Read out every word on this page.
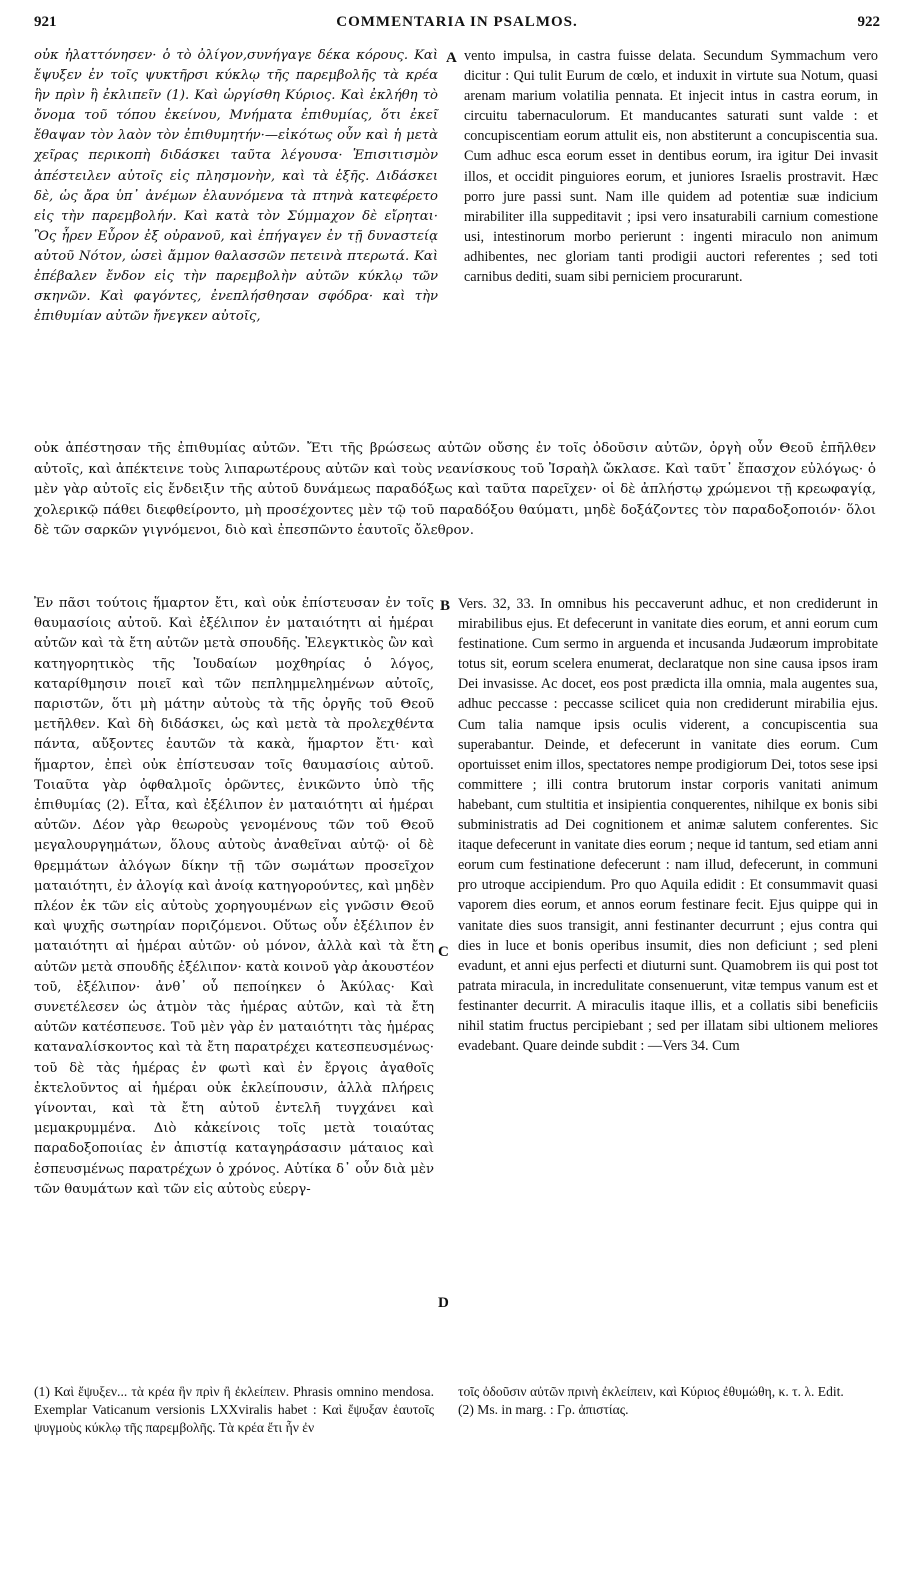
921	COMMENTARIA IN PSALMOS.	922

οὐκ ἠλαττόνησεν· ὁ τὸ ὀλίγον,συνήγαγε δέκα κόρους. Καὶ ἔψυξεν ἐν τοῖς ψυκτῆρσι κύκλῳ τῆς παρεμβολῆς τὰ κρέα ἣν πρὶν ἢ ἐκλιπεῖν (1). Καὶ ὡργίσθη Κύριος. Καὶ ἐκλήθη τὸ ὄνομα τοῦ τόπου ἐκείνου, Μνήματα ἐπιθυμίας, ὅτι ἐκεῖ ἔθαψαν τὸν λαὸν τὸν ἐπιθυμητήν·—εἰκότως οὖν καὶ ἡ μετὰ χεῖρας περικοπὴ διδάσκει ταῦτα λέγουσα· Ἐπισιτισμὸν ἀπέστειλεν αὐτοῖς εἰς πλησμονὴν, καὶ τὰ ἑξῆς. Διδάσκει δὲ, ὡς ἄρα ὑπ᾽ ἀνέμων ἐλαυνόμενα τὰ πτηνὰ κατεφέρετο εἰς τὴν παρεμβολήν. Καὶ κατὰ τὸν Σύμμαχον δὲ εἴρηται· Ὃς ἦρεν Εὖρον ἐξ οὐρανοῦ, καὶ ἐπήγαγεν ἐν τῇ δυναστείᾳ αὐτοῦ Νότον, ὡσεὶ ἄμμον θαλασσῶν πετεινὰ πτερωτά. Καὶ ἐπέβαλεν ἔνδον εἰς τὴν παρεμβολὴν αὐτῶν κύκλῳ τῶν σκηνῶν. Καὶ φαγόντες, ἐνεπλήσθησαν σφόδρα· καὶ τὴν ἐπιθυμίαν αὐτῶν ἤνεγκεν αὐτοῖς,

A vento impulsa, in castra fuisse delata. Secundum Symmachum vero dicitur : Qui tulit Eurum de cœlo, et induxit in virtute sua Notum, quasi arenam marium volatilia pennata. Et injecit intus in castra eorum, in circuitu tabernaculorum. Et manducantes saturati sunt valde : et concupiscentiam eorum attulit eis, non abstiterunt a concupiscentia sua. Cum adhuc esca eorum esset in dentibus eorum, ira igitur Dei invasit illos, et occidit pinguiores eorum, et juniores Israelis prostravit. Hæc porro jure passi sunt. Nam ille quidem ad potentiæ suæ indicium mirabiliter illa suppeditavit ; ipsi vero insaturabili carnium comestione usi, intestinorum morbo perierunt : ingenti miraculo non animum adhibentes, nec gloriam tanti prodigii auctori referentes ; sed toti carnibus dediti, suam sibi perniciem procurarunt.

οὐκ ἀπέστησαν τῆς ἐπιθυμίας αὐτῶν. Ἔτι τῆς βρώσεως αὐτῶν οὔσης ἐν τοῖς ὀδοῦσιν αὐτῶν, ὀργὴ οὖν Θεοῦ ἐπῆλθεν αὐτοῖς, καὶ ἀπέκτεινε τοὺς λιπαρωτέρους αὐτῶν καὶ τοὺς νεανίσκους τοῦ Ἰσραὴλ ὤκλασε. Καὶ ταῦτ᾽ ἔπασχον εὐλόγως· ὁ μὲν γὰρ αὐτοῖς εἰς ἔνδειξιν τῆς αὐτοῦ δυνάμεως παραδόξως καὶ ταῦτα παρεῖχεν· οἱ δὲ ἀπλήστῳ χρώμενοι τῇ κρεωφαγίᾳ, χολερικῷ πάθει διεφθείροντο, μὴ προσέχοντες μὲν τῷ τοῦ παραδόξου θαύματι, μηδὲ δοξάζοντες τὸν παραδοξοποιόν· ὅλοι δὲ τῶν σαρκῶν γιγνόμενοι, διὸ καὶ ἐπεσπῶντο ἑαυτοῖς ὄλεθρον.

Ἐν πᾶσι τούτοις ἥμαρτον ἔτι, καὶ οὐκ ἐπίστευσαν ἐν τοῖς θαυμασίοις αὐτοῦ. Καὶ ἐξέλιπον ἐν ματαιότητι αἱ ἡμέραι αὐτῶν καὶ τὰ ἔτη αὐτῶν μετὰ σπουδῆς. Ἐλεγκτικὸς ὢν καὶ κατηγορητικὸς τῆς Ἰουδαίων μοχθηρίας ὁ λόγος, καταρίθμησιν ποιεῖ καὶ τῶν πεπλημμελημένων αὐτοῖς, παριστῶν, ὅτι μὴ μάτην αὐτοὺς τὰ τῆς ὀργῆς τοῦ Θεοῦ μετῆλθεν. Καὶ δὴ διδάσκει, ὡς καὶ μετὰ τὰ προλεχθέντα πάντα, αὔξοντες ἑαυτῶν τὰ κακὰ, ἥμαρτον ἔτι· καὶ ἥμαρτον, ἐπεὶ οὐκ ἐπίστευσαν τοῖς θαυμασίοις αὐτοῦ. Τοιαῦτα γὰρ ὀφθαλμοῖς ὁρῶντες, ἐνικῶντο ὑπὸ τῆς ἐπιθυμίας (2). Εἶτα, καὶ ἐξέλιπον ἐν ματαιότητι αἱ ἡμέραι αὐτῶν. Δέον γὰρ θεωροὺς γενομένους τῶν τοῦ Θεοῦ μεγαλουργημάτων, ὅλους αὐτοὺς ἀναθεῖναι αὐτῷ· οἱ δὲ θρεμμάτων ἀλόγων δίκην τῇ τῶν σωμάτων προσεῖχον ματαιότητι, ἐν ἀλογίᾳ καὶ ἀνοίᾳ κατηγορούντες, καὶ μηδὲν πλέον ἐκ τῶν εἰς αὐτοὺς χορηγουμένων εἰς γνῶσιν Θεοῦ καὶ ψυχῆς σωτηρίαν ποριζόμενοι. Οὕτως οὖν ἐξέλιπον ἐν ματαιότητι αἱ ἡμέραι αὐτῶν· οὐ μόνον, ἀλλὰ καὶ τὰ ἔτη αὐτῶν μετὰ σπουδῆς ἐξέλιπον· κατὰ κοινοῦ γὰρ ἀκουστέον τοῦ, ἐξέλιπον· ἀνθ᾽ οὗ πεποίηκεν ὁ Ἀκύλας· Καὶ συνετέλεσεν ὡς ἀτμὸν τὰς ἡμέρας αὐτῶν, καὶ τὰ ἔτη αὐτῶν κατέσπευσε. Τοῦ μὲν γὰρ ἐν ματαιότητι τὰς ἡμέρας καταναλίσκοντος καὶ τὰ ἔτη παρατρέχει κατεσπευσμένως· τοῦ δὲ τὰς ἡμέρας ἐν φωτὶ καὶ ἐν ἔργοις ἀγαθοῖς ἐκτελοῦντος αἱ ἡμέραι οὐκ ἐκλείπουσιν, ἀλλὰ πλήρεις γίνονται, καὶ τὰ ἔτη αὐτοῦ ἐντελῆ τυγχάνει καὶ μεμακρυμμένα. Διὸ κἀκείνοις τοῖς μετὰ τοιαύτας παραδοξοποιίας ἐν ἀπιστίᾳ καταγηράσασιν μάταιος καὶ ἐσπευσμένως παρατρέχων ὁ χρόνος. Αὐτίκα δ᾽ οὖν διὰ μὲν τῶν θαυμάτων καὶ τῶν εἰς αὐτοὺς εὐεργ-

B
C
D

Vers. 32, 33. In omnibus his peccaverunt adhuc, et non crediderunt in mirabilibus ejus. Et defecerunt in vanitate dies eorum, et anni eorum cum festinatione. Cum sermo in arguenda et incusanda Judæorum improbitate totus sit, eorum scelera enumerat, declaratque non sine causa ipsos iram Dei invasisse. Ac docet, eos post prædicta illa omnia, mala augentes sua, adhuc peccasse : peccasse scilicet quia non crediderunt mirabilia ejus. Cum talia namque ipsis oculis viderent, a concupiscentia sua superabantur. Deinde, et defecerunt in vanitate dies eorum. Cum oportuisset enim illos, spectatores nempe prodigiorum Dei, totos sese ipsi committere ; illi contra brutorum instar corporis vanitati animum habebant, cum stultitia et insipientia conquerentes, nihilque ex bonis sibi subministratis ad Dei cognitionem et animæ salutem conferentes. Sic itaque defecerunt in vanitate dies eorum ; neque id tantum, sed etiam anni eorum cum festinatione defecerunt : nam illud, defecerunt, in communi pro utroque accipiendum. Pro quo Aquila edidit : Et consummavit quasi vaporem dies eorum, et annos eorum festinare fecit. Ejus quippe qui in vanitate dies suos transigit, anni festinanter decurrunt ; ejus contra qui dies in luce et bonis operibus insumit, dies non deficiunt ; sed pleni evadunt, et anni ejus perfecti et diuturni sunt. Quamobrem iis qui post tot patrata miracula, in incredulitate consenuerunt, vitæ tempus vanum est et festinanter decurrit. A miraculis itaque illis, et a collatis sibi beneficiis nihil statim fructus percipiebant ; sed per illatam sibi ultionem meliores evadebant. Quare deinde subdit : —Vers 34. Cum

(1) Καὶ ἔψυξεν... τὰ κρέα ἣν πρὶν ἢ ἐκλείπειν. Phrasis omnino mendosa. Exemplar Vaticanum versionis LXXviralis habet : Καὶ ἔψυξαν ἑαυτοῖς ψυγμοὺς κύκλῳ τῆς παρεμβολῆς. Τὰ κρέα ἔτι ἦν ἐν

τοῖς ὀδοῦσιν αὐτῶν πρινὴ ἐκλείπειν, καὶ Κύριος ἐθυμώθη, κ. τ. λ. Edit.

(2) Ms. in marg. : Γρ. ἀπιστίας.
